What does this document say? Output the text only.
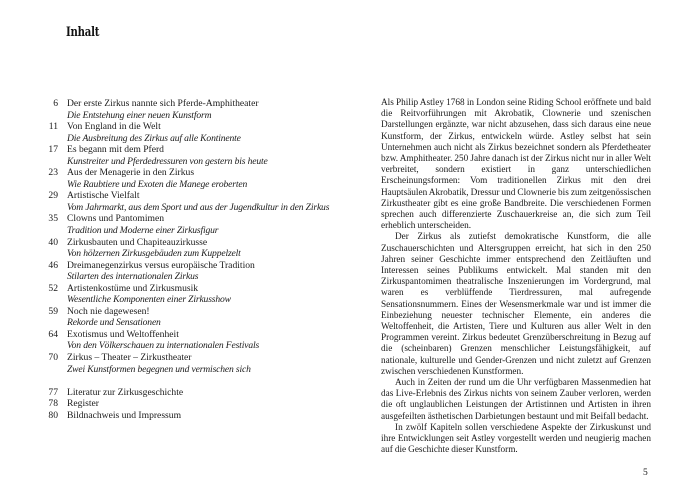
Inhalt
6 Der erste Zirkus nannte sich Pferde-Amphitheater
Die Entstehung einer neuen Kunstform
11 Von England in die Welt
Die Ausbreitung des Zirkus auf alle Kontinente
17 Es begann mit dem Pferd
Kunstreiter und Pferdedressuren von gestern bis heute
23 Aus der Menagerie in den Zirkus
Wie Raubtiere und Exoten die Manege eroberten
29 Artistische Vielfalt
Vom Jahrmarkt, aus dem Sport und aus der Jugendkultur in den Zirkus
35 Clowns und Pantomimen
Tradition und Moderne einer Zirkusfigur
40 Zirkusbauten und Chapiteauzirkusse
Von hölzernen Zirkusgebäuden zum Kuppelzelt
46 Dreimanegenzirkus versus europäische Tradition
Stilarten des internationalen Zirkus
52 Artistenkostüme und Zirkusmusik
Wesentliche Komponenten einer Zirkusshow
59 Noch nie dagewesen!
Rekorde und Sensationen
64 Exotismus und Weltoffenheit
Von den Völkerschauen zu internationalen Festivals
70 Zirkus – Theater – Zirkustheater
Zwei Kunstformen begegnen und vermischen sich
77 Literatur zur Zirkusgeschichte
78 Register
80 Bildnachweis und Impressum

Als Philip Astley 1768 in London seine Riding School eröffnete und bald die Reitvorführungen mit Akrobatik, Clownerie und szenischen Darstellungen ergänzte, war nicht abzusehen, dass sich daraus eine neue Kunstform, der Zirkus, entwickeln würde. Astley selbst hat sein Unternehmen auch nicht als Zirkus bezeichnet sondern als Pferdetheater bzw. Amphitheater. 250 Jahre danach ist der Zirkus nicht nur in aller Welt verbreitet, sondern existiert in ganz unterschiedlichen Erscheinungsformen: Vom traditionellen Zirkus mit den drei Hauptsäulen Akrobatik, Dressur und Clownerie bis zum zeitgenössischen Zirkustheater gibt es eine große Bandbreite. Die verschiedenen Formen sprechen auch differenzierte Zuschauerkreise an, die sich zum Teil erheblich unterscheiden.

Der Zirkus als zutiefst demokratische Kunstform, die alle Zuschauerschichten und Altersgruppen erreicht, hat sich in den 250 Jahren seiner Geschichte immer entsprechend den Zeitläuften und Interessen seines Publikums entwickelt. Mal standen mit den Zirkuspantomimen theatralische Inszenierungen im Vordergrund, mal waren es verblüffende Tierdressuren, mal aufregende Sensationsnummern. Eines der Wesensmerkmale war und ist immer die Einbeziehung neuester technischer Elemente, ein anderes die Weltoffenheit, die Artisten, Tiere und Kulturen aus aller Welt in den Programmen vereint. Zirkus bedeutet Grenzüberschreitung in Bezug auf die (scheinbaren) Grenzen menschlicher Leistungsfähigkeit, auf nationale, kulturelle und Gender-Grenzen und nicht zuletzt auf Grenzen zwischen verschiedenen Kunstformen.

Auch in Zeiten der rund um die Uhr verfügbaren Massenmedien hat das Live-Erlebnis des Zirkus nichts von seinem Zauber verloren, werden die oft unglaublichen Leistungen der Artistinnen und Artisten in ihren ausgefeilten ästhetischen Darbietungen bestaunt und mit Beifall bedacht.

In zwölf Kapiteln sollen verschiedene Aspekte der Zirkuskunst und ihre Entwicklungen seit Astley vorgestellt werden und neugierig machen auf die Geschichte dieser Kunstform.

5
